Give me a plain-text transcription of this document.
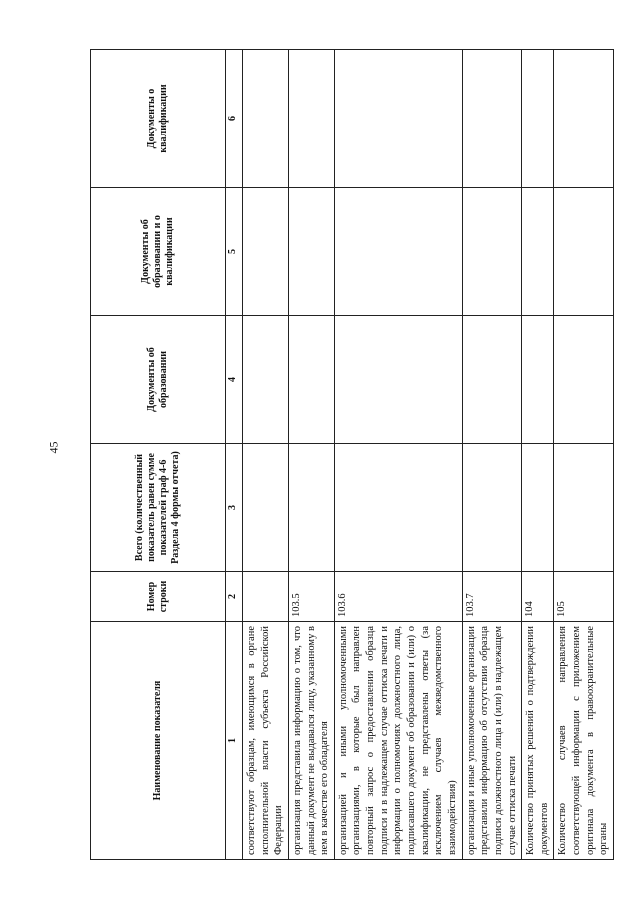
45
Наименование показателя	Номер строки	Всего (количественный показатель равен сумме показателей граф 4-6 Раздела 4 формы отчета)	Документы об образовании	Документы об образовании и о квалификации	Документы о квалификации
1	2	3	4	5	6
соответствуют образцам, имеющимся в органе исполнительной власти субъекта Российской Федерации					
организация представила информацию о том, что данный документ не выдавался лицу, указанному в нем в качестве его обладателя	103.5				
организацией и иными уполномоченными организациями, в которые был направлен повторный запрос о предоставлении образца подписи и в надлежащем случае оттиска печати и информации о полномочиях должностного лица, подписавшего документ об образовании и (или) о квалификации, не представлены ответы (за исключением случаев межведомственного взаимодействия)	103.6				
организация и иные уполномоченные организации представили информацию об отсутствии образца подписи должностного лица и (или) в надлежащем случае оттиска печати	103.7				
Количество принятых решений о подтверждении документов	104				
Количество случаев направления соответствующей информации с приложением оригинала документа в правоохранительные органы	105				
